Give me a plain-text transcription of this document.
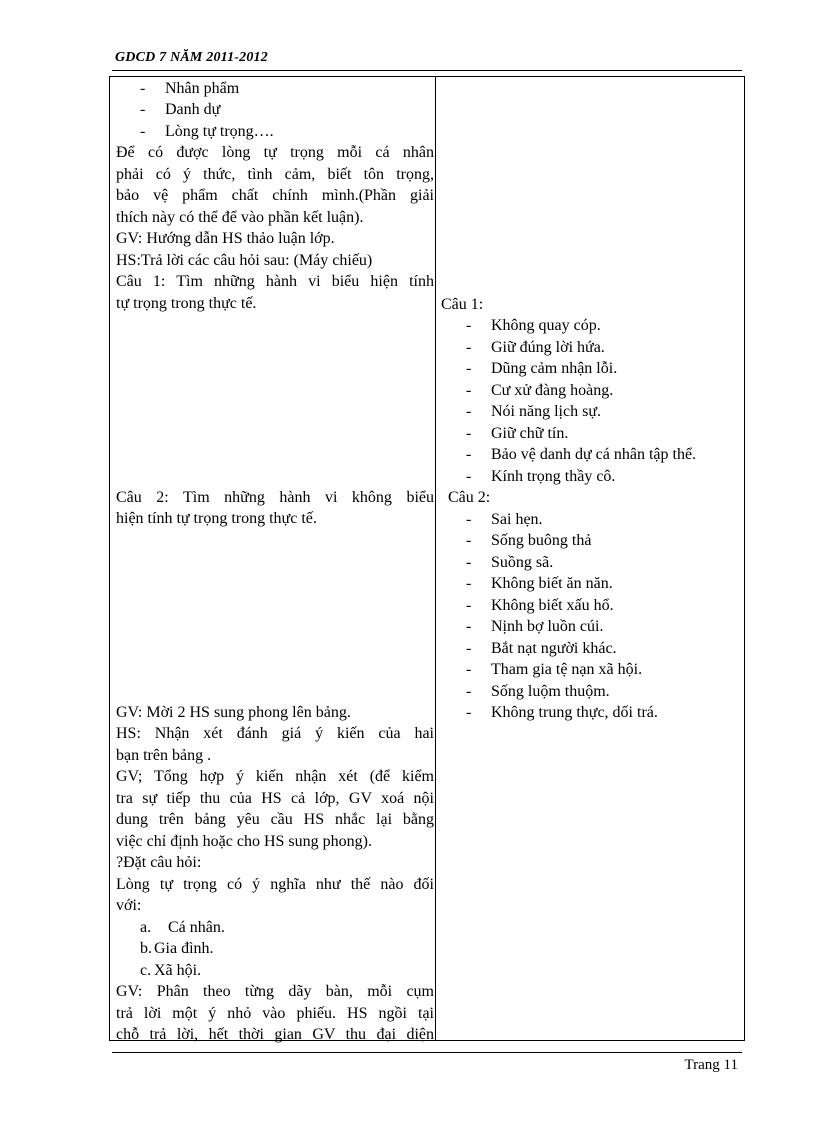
GDCD 7 NĂM 2011-2012
- Nhân phẩm
- Danh dự
- Lòng tự trọng….
Để có được lòng tự trọng mỗi cá nhân
phải có ý thức, tình cảm, biết tôn trọng,
bảo vệ phẩm chất chính mình.(Phần giải
thích này có thể để vào phần kết luận).
GV: Hướng dẫn HS thảo luận lớp.
HS:Trả lời các câu hỏi sau: (Máy chiếu)
Câu 1: Tìm những hành vi biểu hiện tính
tự trọng trong thực tế.
Câu 2: Tìm những hành vi không biểu
hiện tính tự trọng trong thực tế.
GV: Mời 2 HS sung phong lên bảng.
HS: Nhận xét đánh giá ý kiến của hai
bạn trên bảng .
GV; Tổng hợp ý kiến nhận xét (để kiểm
tra sự tiếp thu của HS cả lớp, GV xoá nội
dung trên bảng yêu cầu HS nhắc lại bằng
việc chỉ định hoặc cho HS sung phong).
?Đặt câu hỏi:
Lòng tự trọng có ý nghĩa như thế nào đối
với:
a. Cá nhân.
b. Gia đình.
c. Xã hội.
GV: Phân theo từng dãy bàn, mỗi cụm
trả lời một ý nhỏ vào phiếu. HS ngồi tại
chỗ trả lời, hết thời gian GV thu đại diện
Câu 1:
- Không quay cóp.
- Giữ đúng lời hứa.
- Dũng cảm nhận lỗi.
- Cư xử đàng hoàng.
- Nói năng lịch sự.
- Giữ chữ tín.
- Bảo vệ danh dự cá nhân tập thể.
- Kính trọng thầy cô.
Câu 2:
- Sai hẹn.
- Sống buông thả
- Suồng sã.
- Không biết ăn năn.
- Không biết xấu hổ.
- Nịnh bợ luồn cúi.
- Bắt nạt người khác.
- Tham gia tệ nạn xã hội.
- Sống luộm thuộm.
- Không trung thực, dối trá.
Trang 11
